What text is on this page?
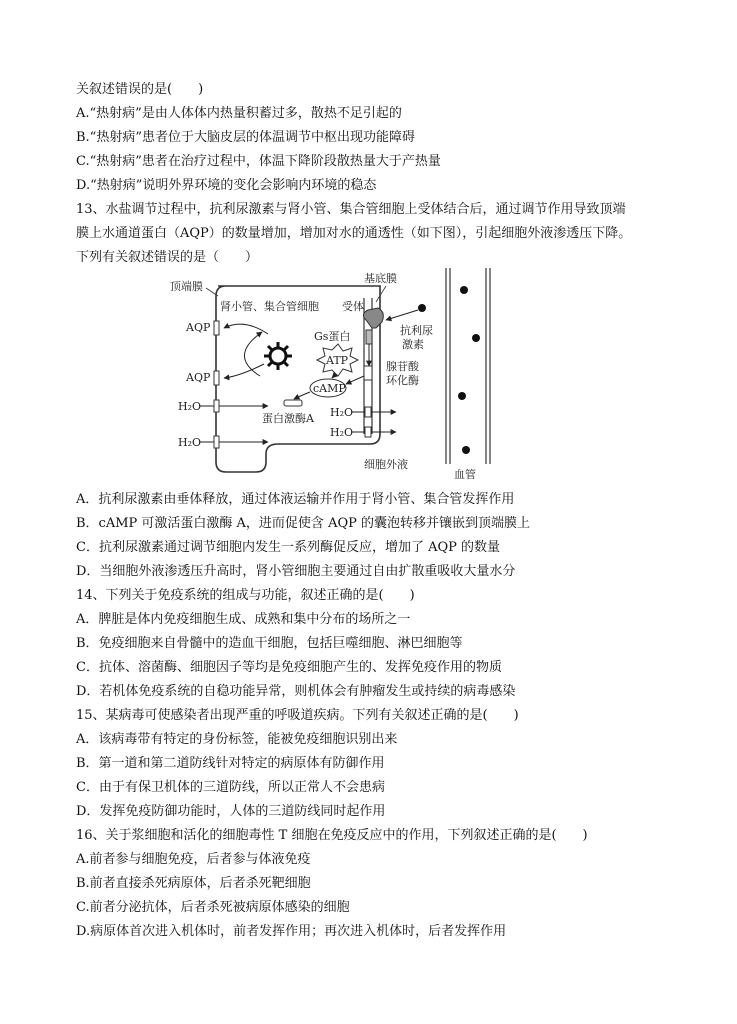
关叙述错误的是(　　)
A.“热射病”是由人体体内热量积蓄过多，散热不足引起的
B.“热射病”患者位于大脑皮层的体温调节中枢出现功能障碍
C.“热射病”患者在治疗过程中，体温下降阶段散热量大于产热量
D.“热射病”说明外界环境的变化会影响内环境的稳态
13、水盐调节过程中，抗利尿激素与肾小管、集合管细胞上受体结合后，通过调节作用导致顶端
膜上水通道蛋白（AQP）的数量增加，增加对水的通透性（如下图），引起细胞外液渗透压下降。
下列有关叙述错误的是（　　）
顶端膜
肾小管、集合管细胞
AQP
AQP
H₂O
H₂O
蛋白激酶A
cAMP
ATP
Gs蛋白
基底膜
受体
腺苷酸
环化酶
抗利尿
激素
H₂O
H₂O
细胞外液
血管
A．抗利尿激素由垂体释放，通过体液运输并作用于肾小管、集合管发挥作用
B．cAMP 可激活蛋白激酶 A，进而促使含 AQP 的囊泡转移并镶嵌到顶端膜上
C．抗利尿激素通过调节细胞内发生一系列酶促反应，增加了 AQP 的数量
D．当细胞外液渗透压升高时，肾小管细胞主要通过自由扩散重吸收大量水分
14、下列关于免疫系统的组成与功能，叙述正确的是(　　)
A．脾脏是体内免疫细胞生成、成熟和集中分布的场所之一
B．免疫细胞来自骨髓中的造血干细胞，包括巨噬细胞、淋巴细胞等
C．抗体、溶菌酶、细胞因子等均是免疫细胞产生的、发挥免疫作用的物质
D．若机体免疫系统的自稳功能异常，则机体会有肿瘤发生或持续的病毒感染
15、某病毒可使感染者出现严重的呼吸道疾病。下列有关叙述正确的是(　　)
A．该病毒带有特定的身份标签，能被免疫细胞识别出来
B．第一道和第二道防线针对特定的病原体有防御作用
C．由于有保卫机体的三道防线，所以正常人不会患病
D．发挥免疫防御功能时，人体的三道防线同时起作用
16、关于浆细胞和活化的细胞毒性 T 细胞在免疫反应中的作用，下列叙述正确的是(　　)
A.前者参与细胞免疫，后者参与体液免疫
B.前者直接杀死病原体，后者杀死靶细胞
C.前者分泌抗体，后者杀死被病原体感染的细胞
D.病原体首次进入机体时，前者发挥作用；再次进入机体时，后者发挥作用
